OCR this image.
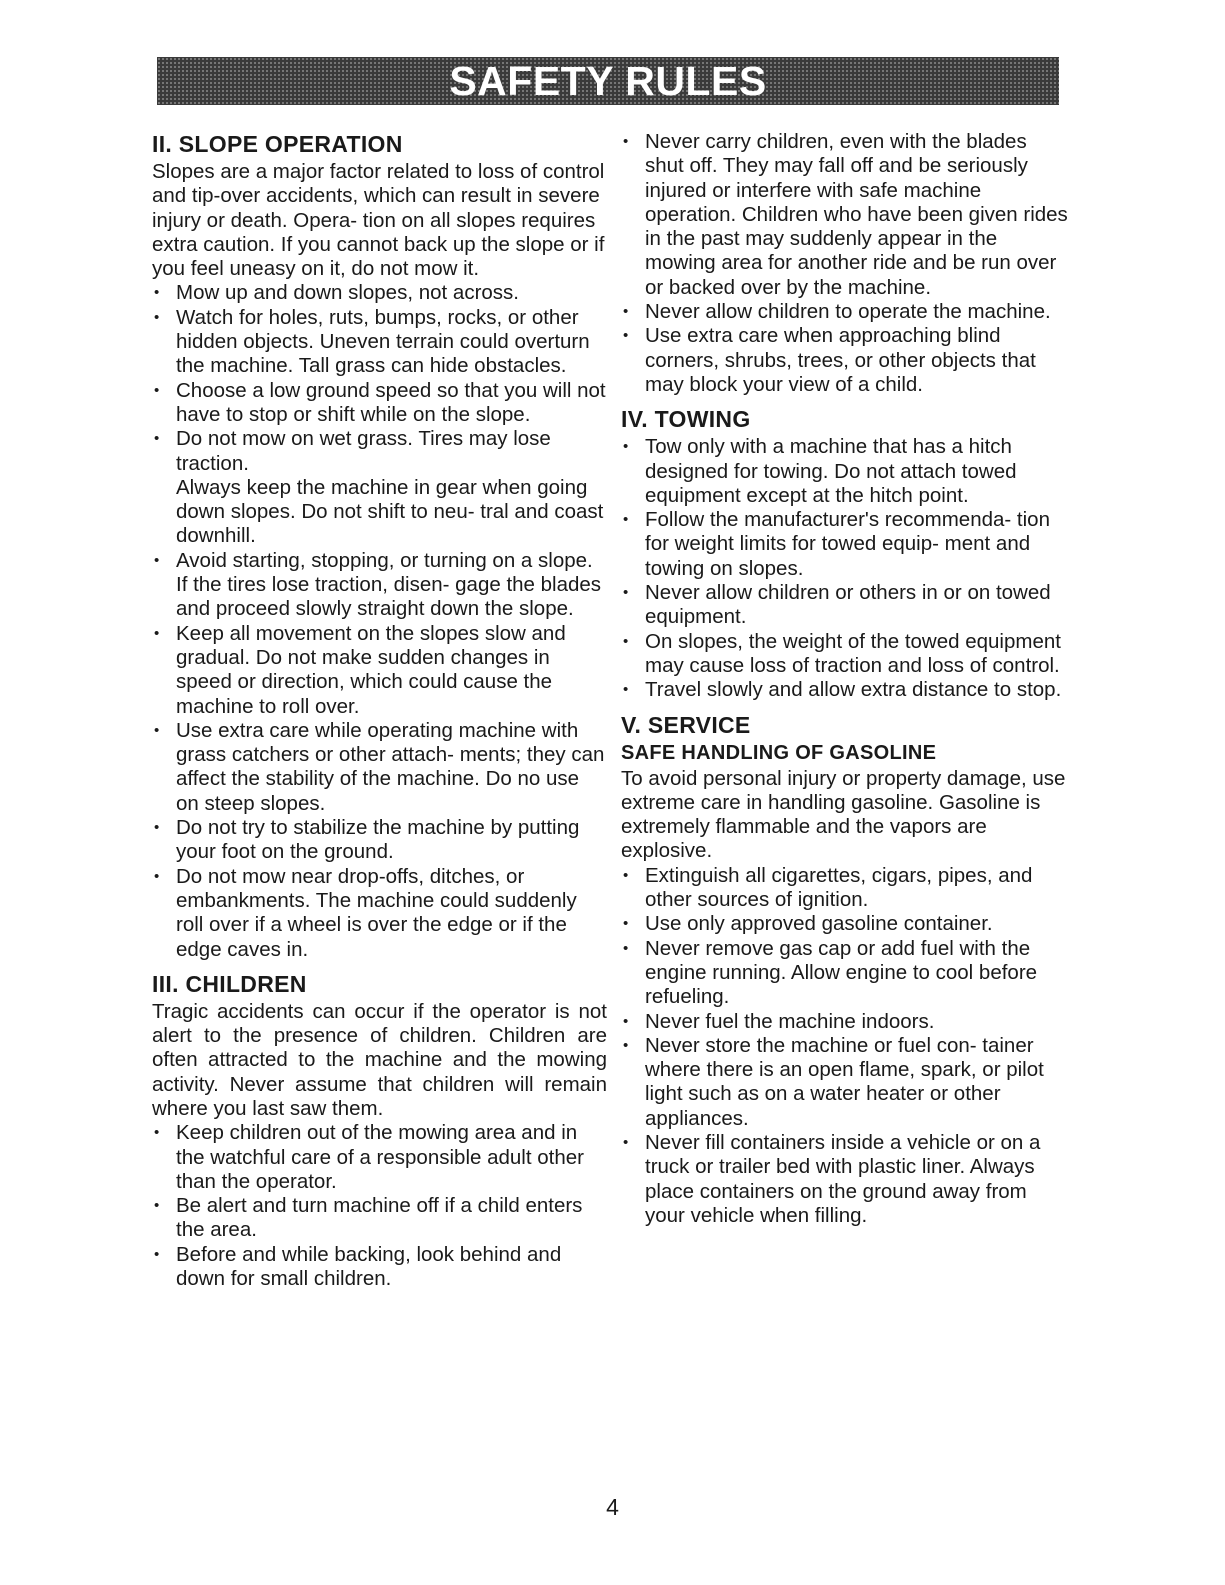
SAFETY RULES
II. SLOPE OPERATION

Slopes are a major factor related to loss of control and tip-over accidents, which can result in severe injury or death. Opera- tion on all slopes requires extra caution. If you cannot back up the slope or if you feel uneasy on it, do not mow it.

• Mow up and down slopes, not across.
• Watch for holes, ruts, bumps, rocks, or other hidden objects. Uneven terrain could overturn the machine. Tall grass can hide obstacles.
• Choose a low ground speed so that you will not have to stop or shift while on the slope.
• Do not mow on wet grass. Tires may lose traction.
Always keep the machine in gear when going down slopes. Do not shift to neu- tral and coast downhill.
• Avoid starting, stopping, or turning on a slope. If the tires lose traction, disen- gage the blades and proceed slowly straight down the slope.
• Keep all movement on the slopes slow and gradual. Do not make sudden changes in speed or direction, which could cause the machine to roll over.
• Use extra care while operating machine with grass catchers or other attach- ments; they can affect the stability of the machine. Do no use on steep slopes.
• Do not try to stabilize the machine by putting your foot on the ground.
• Do not mow near drop-offs, ditches, or embankments. The machine could suddenly roll over if a wheel is over the edge or if the edge caves in.
III. CHILDREN

Tragic accidents can occur if the operator is not alert to the presence of children. Children are often attracted to the machine and the mowing activity. Never assume that children will remain where you last saw them.

• Keep children out of the mowing area and in the watchful care of a responsible adult other than the operator.
• Be alert and turn machine off if a child enters the area.
• Before and while backing, look behind and down for small children.
• Never carry children, even with the blades shut off. They may fall off and be seriously injured or interfere with safe machine operation. Children who have been given rides in the past may suddenly appear in the mowing area for another ride and be run over or backed over by the machine.
• Never allow children to operate the machine.
• Use extra care when approaching blind corners, shrubs, trees, or other objects that may block your view of a child.
IV. TOWING
• Tow only with a machine that has a hitch designed for towing. Do not attach towed equipment except at the hitch point.
• Follow the manufacturer's recommenda- tion for weight limits for towed equip- ment and towing on slopes.
• Never allow children or others in or on towed equipment.
• On slopes, the weight of the towed equipment may cause loss of traction and loss of control.
• Travel slowly and allow extra distance to stop.
V. SERVICE
SAFE HANDLING OF GASOLINE

To avoid personal injury or property damage, use extreme care in handling gasoline. Gasoline is extremely flammable and the vapors are explosive.

• Extinguish all cigarettes, cigars, pipes, and other sources of ignition.
• Use only approved gasoline container.
• Never remove gas cap or add fuel with the engine running. Allow engine to cool before refueling.
• Never fuel the machine indoors.
• Never store the machine or fuel con- tainer where there is an open flame, spark, or pilot light such as on a water heater or other appliances.
• Never fill containers inside a vehicle or on a truck or trailer bed with plastic liner. Always place containers on the ground away from your vehicle when filling.
4
